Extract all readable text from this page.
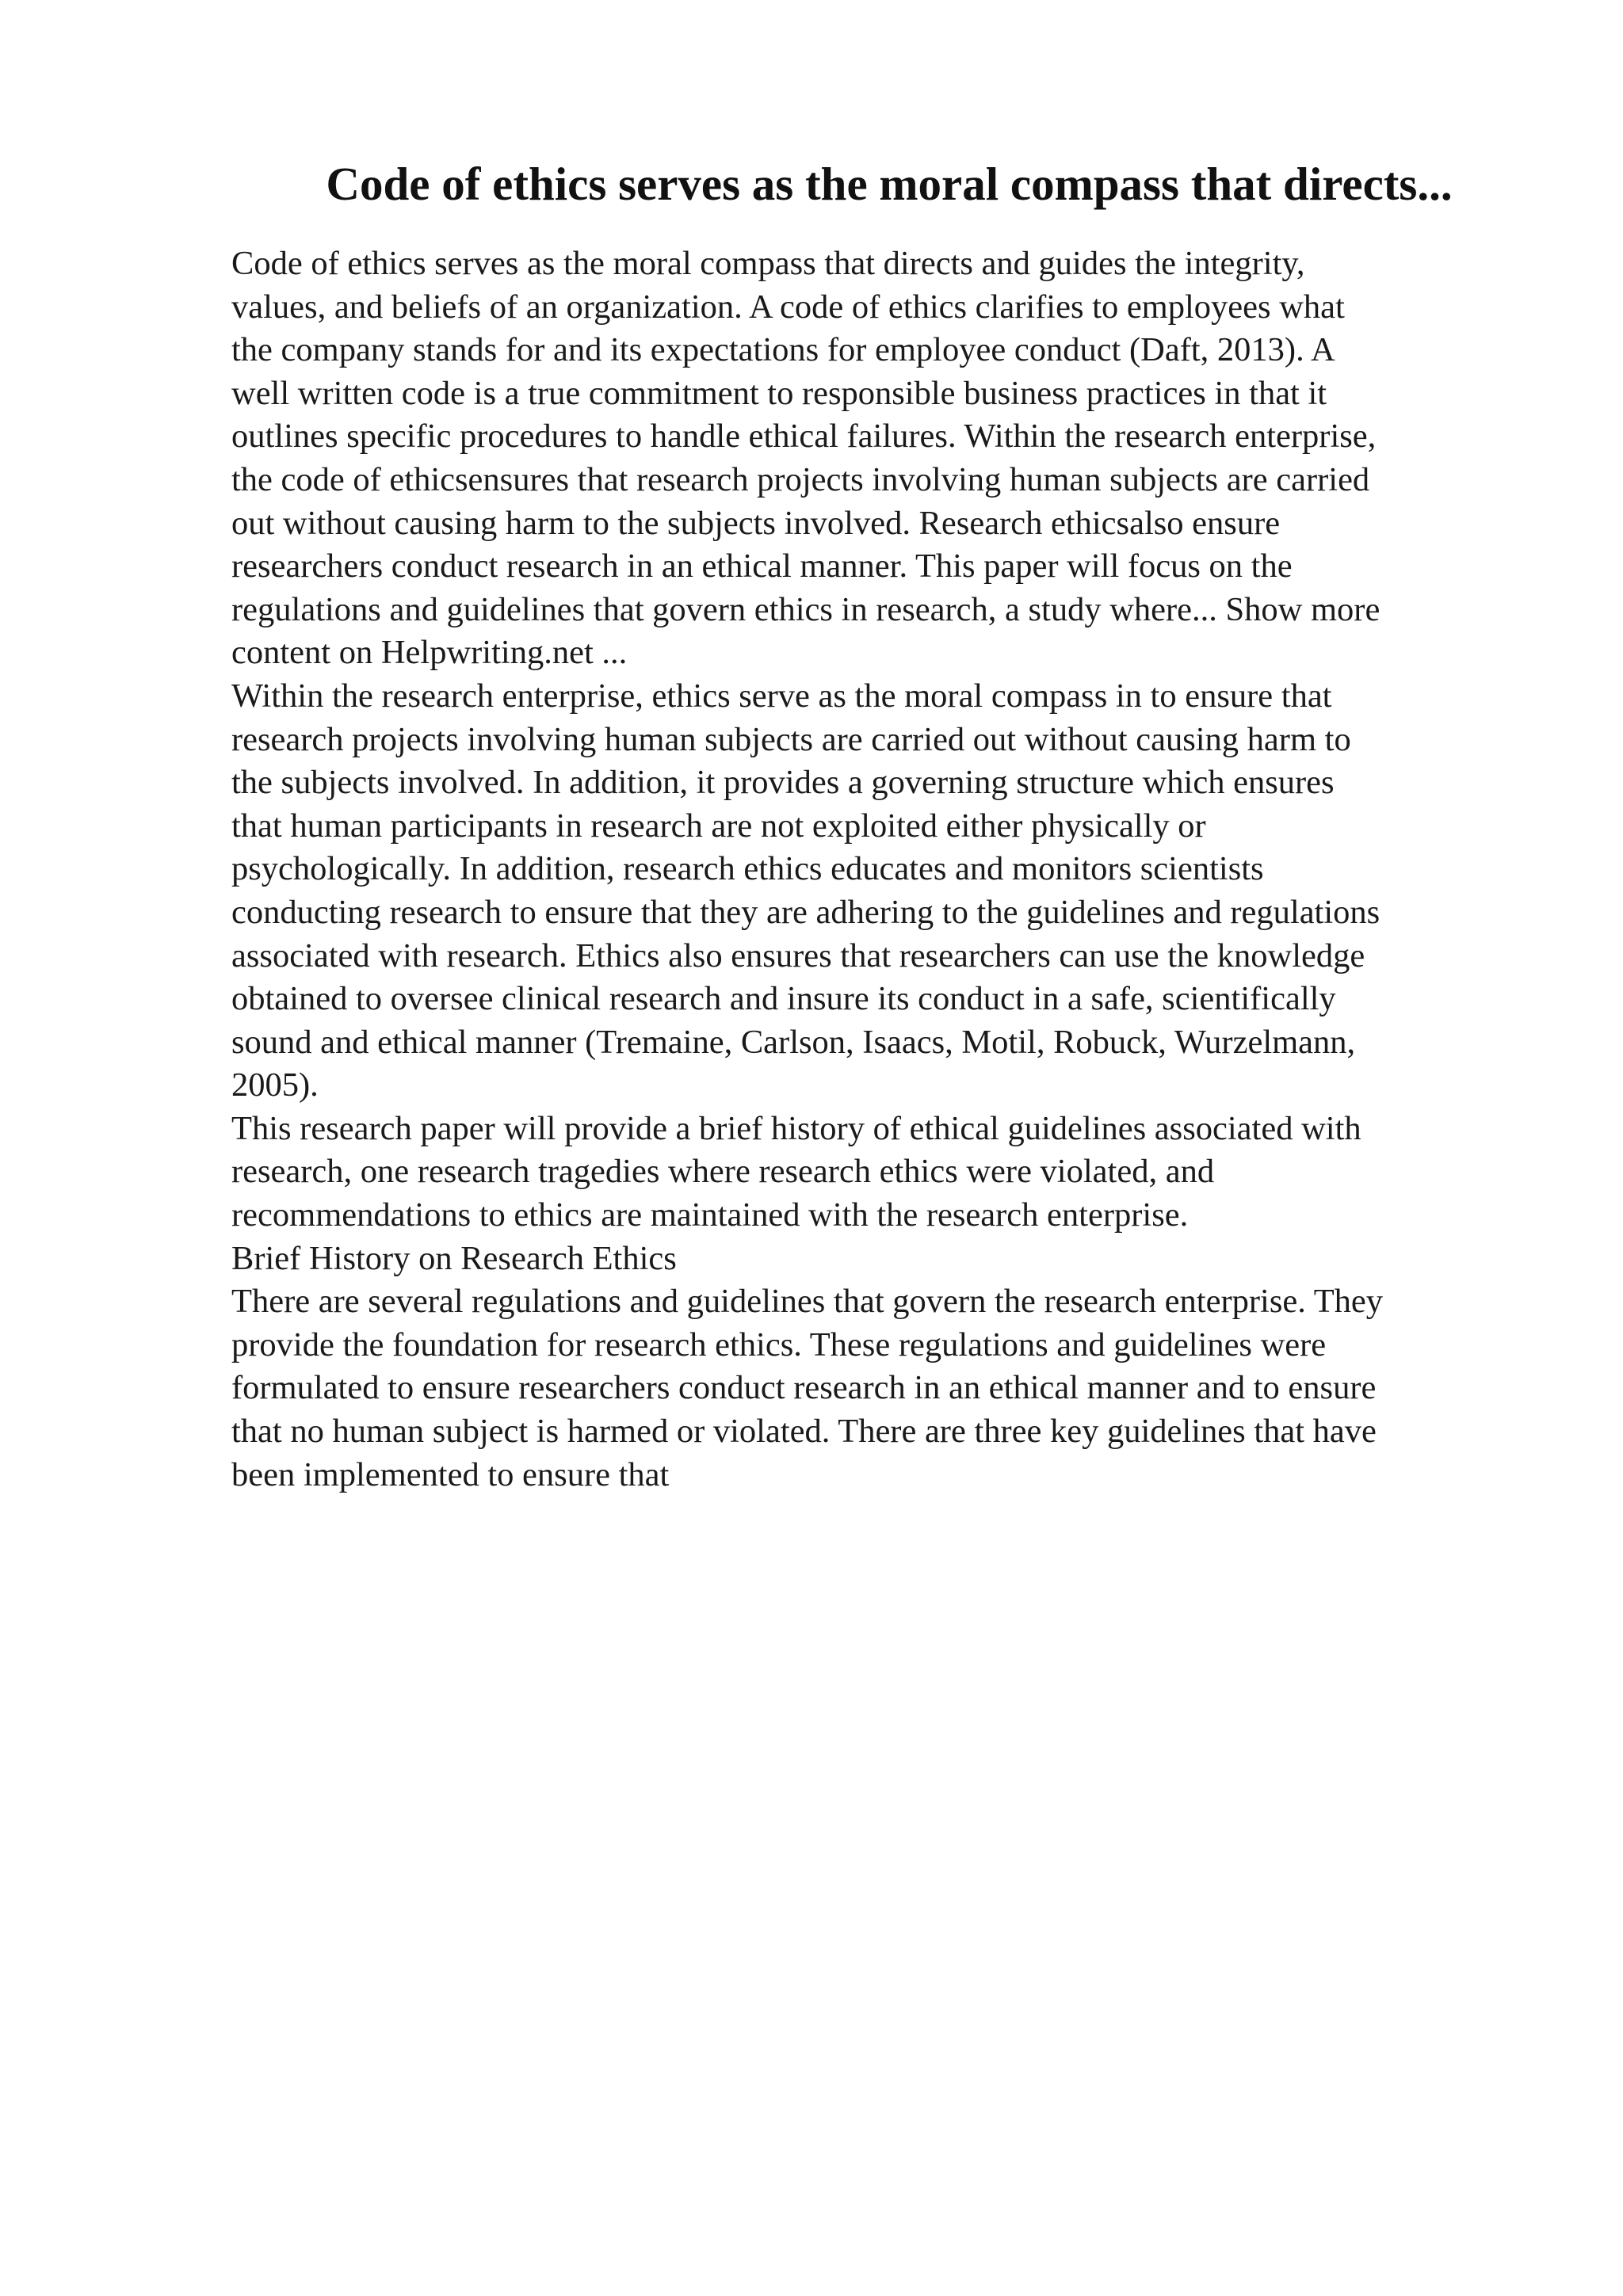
Code of ethics serves as the moral compass that directs...
Code of ethics serves as the moral compass that directs and guides the integrity,
values, and beliefs of an organization. A code of ethics clarifies to employees what
the company stands for and its expectations for employee conduct (Daft, 2013). A
well written code is a true commitment to responsible business practices in that it
outlines specific procedures to handle ethical failures. Within the research enterprise,
the code of ethicsensures that research projects involving human subjects are carried
out without causing harm to the subjects involved. Research ethicsalso ensure
researchers conduct research in an ethical manner. This paper will focus on the
regulations and guidelines that govern ethics in research, a study where... Show more
content on Helpwriting.net ...
Within the research enterprise, ethics serve as the moral compass in to ensure that
research projects involving human subjects are carried out without causing harm to
the subjects involved. In addition, it provides a governing structure which ensures
that human participants in research are not exploited either physically or
psychologically. In addition, research ethics educates and monitors scientists
conducting research to ensure that they are adhering to the guidelines and regulations
associated with research. Ethics also ensures that researchers can use the knowledge
obtained to oversee clinical research and insure its conduct in a safe, scientifically
sound and ethical manner (Tremaine, Carlson, Isaacs, Motil, Robuck, Wurzelmann,
2005).
This research paper will provide a brief history of ethical guidelines associated with
research, one research tragedies where research ethics were violated, and
recommendations to ethics are maintained with the research enterprise.
Brief History on Research Ethics
There are several regulations and guidelines that govern the research enterprise. They
provide the foundation for research ethics. These regulations and guidelines were
formulated to ensure researchers conduct research in an ethical manner and to ensure
that no human subject is harmed or violated. There are three key guidelines that have
been implemented to ensure that
